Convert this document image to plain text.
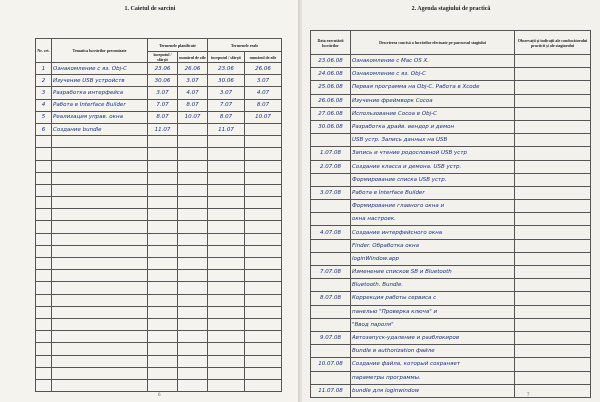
1. Caietul de sarcini
Nr. crt.	Tematica lucrărilor preconizate	Termenele planificate		Termenele reale	
		începutul / sfârșit	numărul de zile	începutul / sfârșit	numărul de zile
1	Ознакомление с яз. Obj-C	23.06	26.06	23.06	26.06
2	Изучение USB устройств	30.06	3.07	30.06	3.07
3	Разработка интерфейса	3.07	4.07	3.07	4.07
4	Работа в Interface Builder	7.07	8.07	7.07	8.07
5	Реализация управ. окна	8.07	10.07	8.07	10.07
6	Создание bundle	11.07		11.07	

6
2. Agenda stagiului de practică
Data executării lucrărilor	Descrierea concisă a lucrărilor efectuate pe parcursul stagiului	Observații și indicații ale conducătorului practicii și ale stagiarului
23.06.08	Ознакомление с Mac OS X.	
24.06.08	Ознакомление с яз. Obj-C	
25.06.08	Первая программа на Obj-C. Работа в Xcode	
26.06.08	Изучение фреймворк Cocoa	
27.06.08	Использование Cocoa в Obj-C	
30.06.08	Разработка драйв. вендор и демон	
	USB устр. Запись данных на USB	
1.07.08	Запись и чтение родословной USB устр	
2.07.08	Создание класса и демона. USB устр.	
	Формирование списка USB устр.	
3.07.08	Работа в Interface Builder	
	Формирование главного окна и	
	окна настроек.	
4.07.08	Создание интерфейсного окна	
	Finder. Обработка окна	
	loginWindow.app	
7.07.08	Изменение списков SB и Bluetooth	
	Bluetooth. Bundle.	
8.07.08	Коррекция работы сервиса с	
	панелью "Проверка ключа" и	
	"Ввод пароля"	
9.07.08	Автозапуск-удаление и разблокиров	
	Bundle в authorization файле	
10.07.08	Создание файла, который сохраняет	
	параметры программы.	
11.07.08	bundle для loginwindow	
7
